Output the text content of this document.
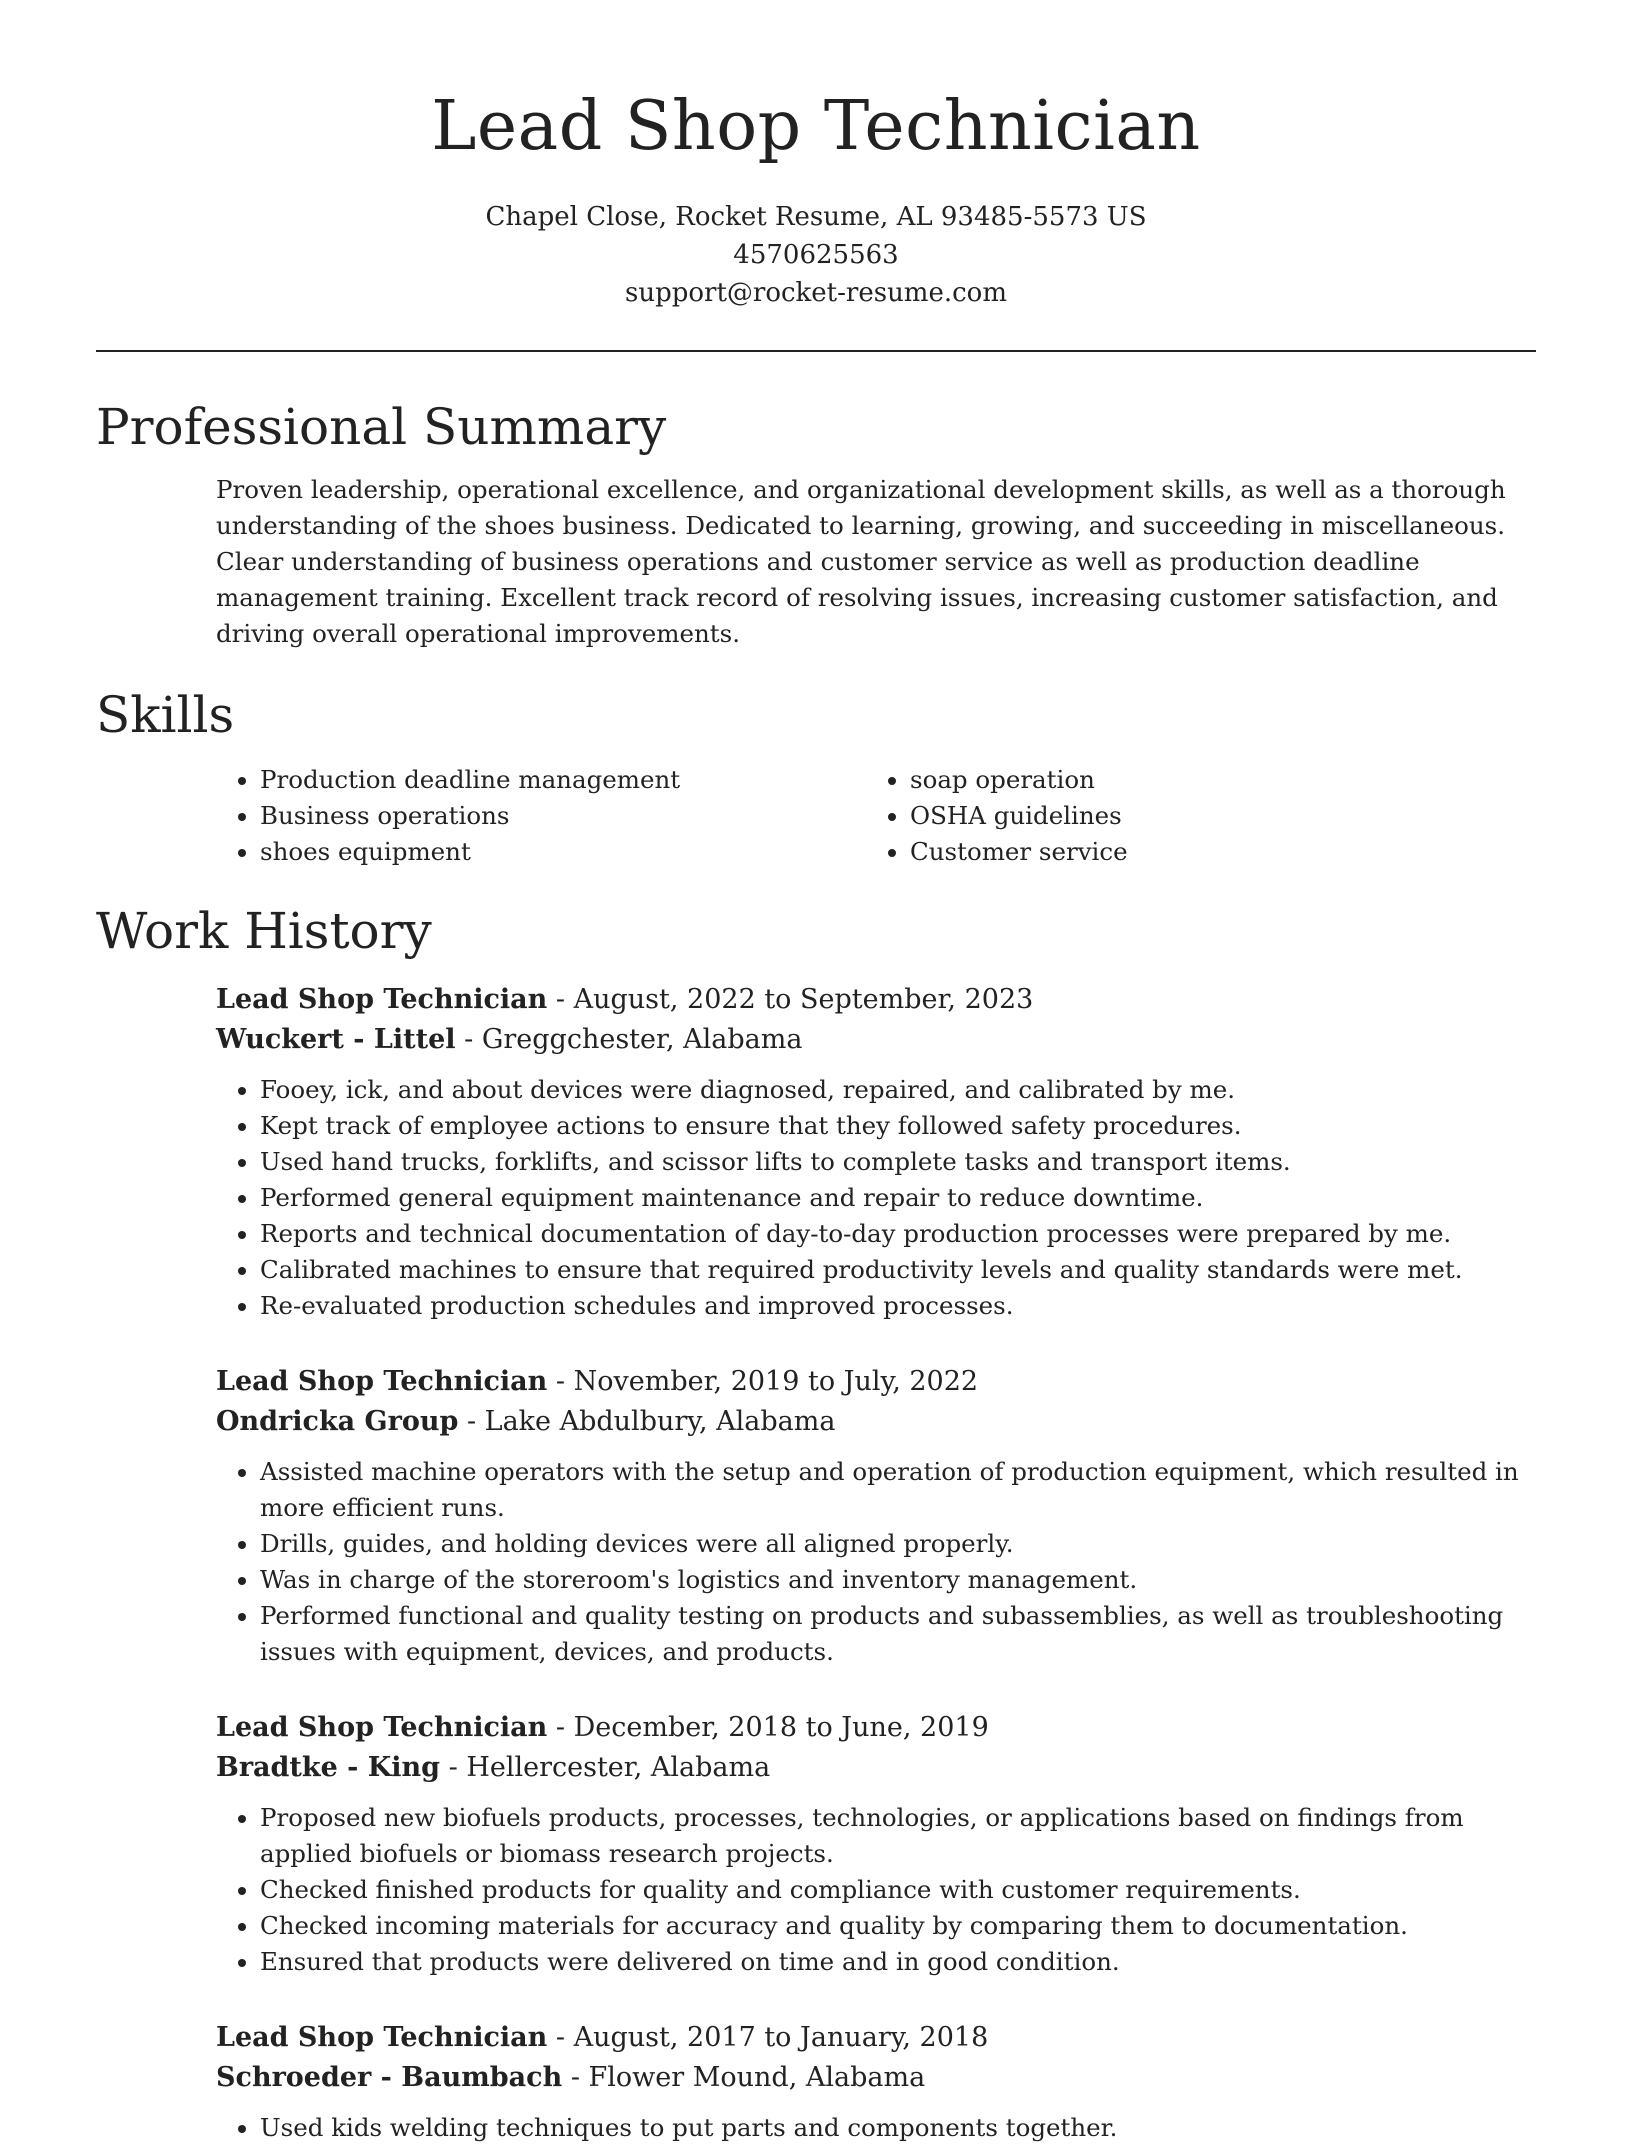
Lead Shop Technician
Chapel Close, Rocket Resume, AL 93485-5573 US
4570625563
support@rocket-resume.com
Professional Summary

Proven leadership, operational excellence, and organizational development skills, as well as a thorough understanding of the shoes business. Dedicated to learning, growing, and succeeding in miscellaneous. Clear understanding of business operations and customer service as well as production deadline management training. Excellent track record of resolving issues, increasing customer satisfaction, and driving overall operational improvements.

Skills
• Production deadline management
• Business operations
• shoes equipment
• soap operation
• OSHA guidelines
• Customer service
Work History
Lead Shop Technician - August, 2022 to September, 2023
Wuckert - Littel - Greggchester, Alabama
• Fooey, ick, and about devices were diagnosed, repaired, and calibrated by me.
• Kept track of employee actions to ensure that they followed safety procedures.
• Used hand trucks, forklifts, and scissor lifts to complete tasks and transport items.
• Performed general equipment maintenance and repair to reduce downtime.
• Reports and technical documentation of day-to-day production processes were prepared by me.
• Calibrated machines to ensure that required productivity levels and quality standards were met.
• Re-evaluated production schedules and improved processes.
Lead Shop Technician - November, 2019 to July, 2022
Ondricka Group - Lake Abdulbury, Alabama
• Assisted machine operators with the setup and operation of production equipment, which resulted in more efficient runs.
• Drills, guides, and holding devices were all aligned properly.
• Was in charge of the storeroom's logistics and inventory management.
• Performed functional and quality testing on products and subassemblies, as well as troubleshooting issues with equipment, devices, and products.
Lead Shop Technician - December, 2018 to June, 2019
Bradtke - King - Hellercester, Alabama
• Proposed new biofuels products, processes, technologies, or applications based on findings from applied biofuels or biomass research projects.
• Checked finished products for quality and compliance with customer requirements.
• Checked incoming materials for accuracy and quality by comparing them to documentation.
• Ensured that products were delivered on time and in good condition.
Lead Shop Technician - August, 2017 to January, 2018
Schroeder - Baumbach - Flower Mound, Alabama
• Used kids welding techniques to put parts and components together.
